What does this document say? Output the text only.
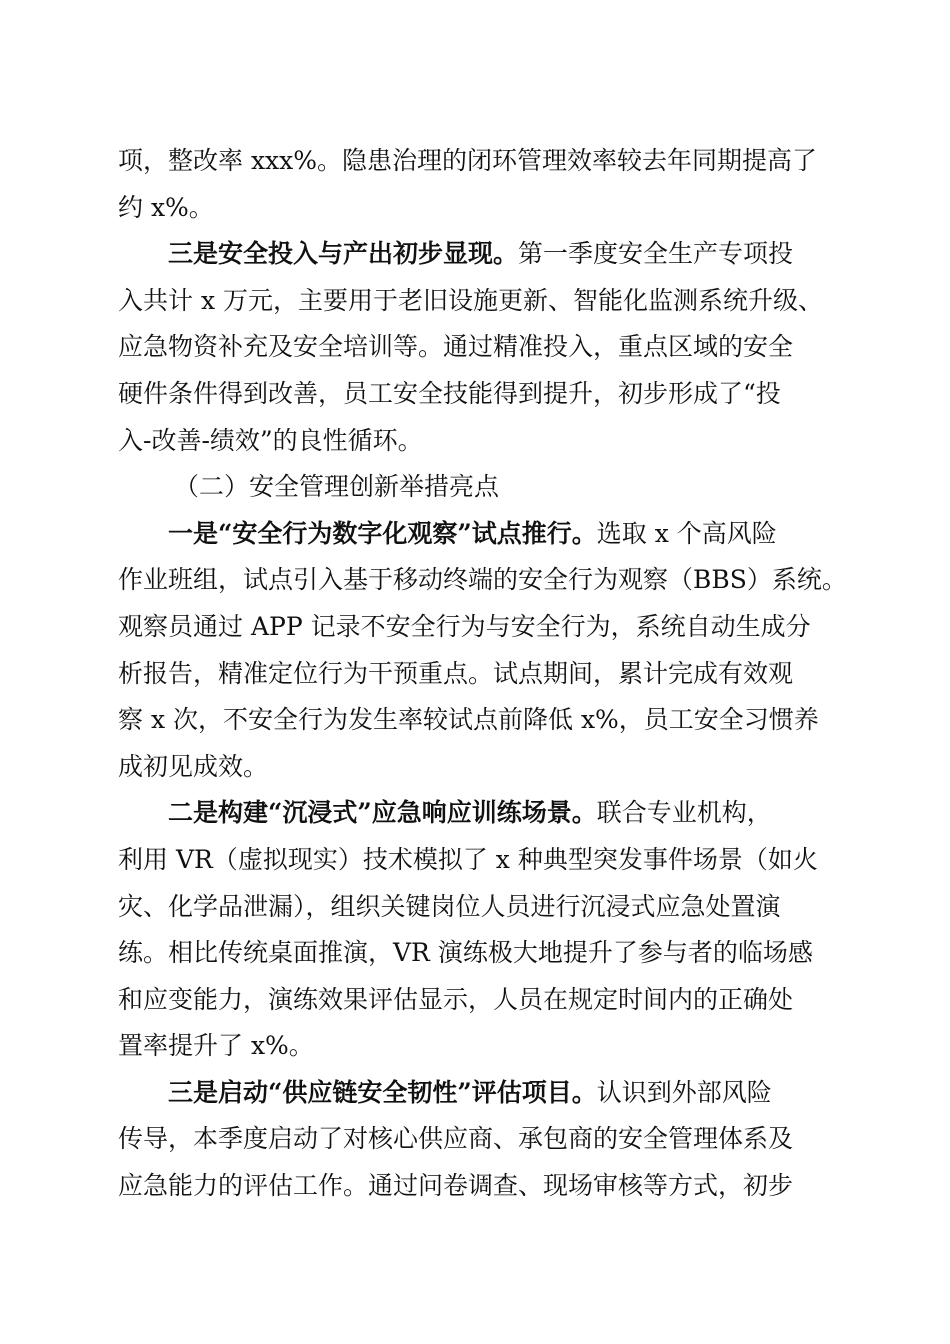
项，整改率 xxx%。隐患治理的闭环管理效率较去年同期提高了
约 x%。
三是安全投入与产出初步显现。第一季度安全生产专项投
入共计 x 万元，主要用于老旧设施更新、智能化监测系统升级、
应急物资补充及安全培训等。通过精准投入，重点区域的安全
硬件条件得到改善，员工安全技能得到提升，初步形成了“投
入-改善-绩效”的良性循环。
（二）安全管理创新举措亮点
一是“安全行为数字化观察”试点推行。选取 x 个高风险
作业班组，试点引入基于移动终端的安全行为观察（BBS）系统。
观察员通过 APP 记录不安全行为与安全行为，系统自动生成分
析报告，精准定位行为干预重点。试点期间，累计完成有效观
察 x 次，不安全行为发生率较试点前降低 x%，员工安全习惯养
成初见成效。
二是构建“沉浸式”应急响应训练场景。联合专业机构，
利用 VR（虚拟现实）技术模拟了 x 种典型突发事件场景（如火
灾、化学品泄漏），组织关键岗位人员进行沉浸式应急处置演
练。相比传统桌面推演，VR 演练极大地提升了参与者的临场感
和应变能力，演练效果评估显示，人员在规定时间内的正确处
置率提升了 x%。
三是启动“供应链安全韧性”评估项目。认识到外部风险
传导，本季度启动了对核心供应商、承包商的安全管理体系及
应急能力的评估工作。通过问卷调查、现场审核等方式，初步
